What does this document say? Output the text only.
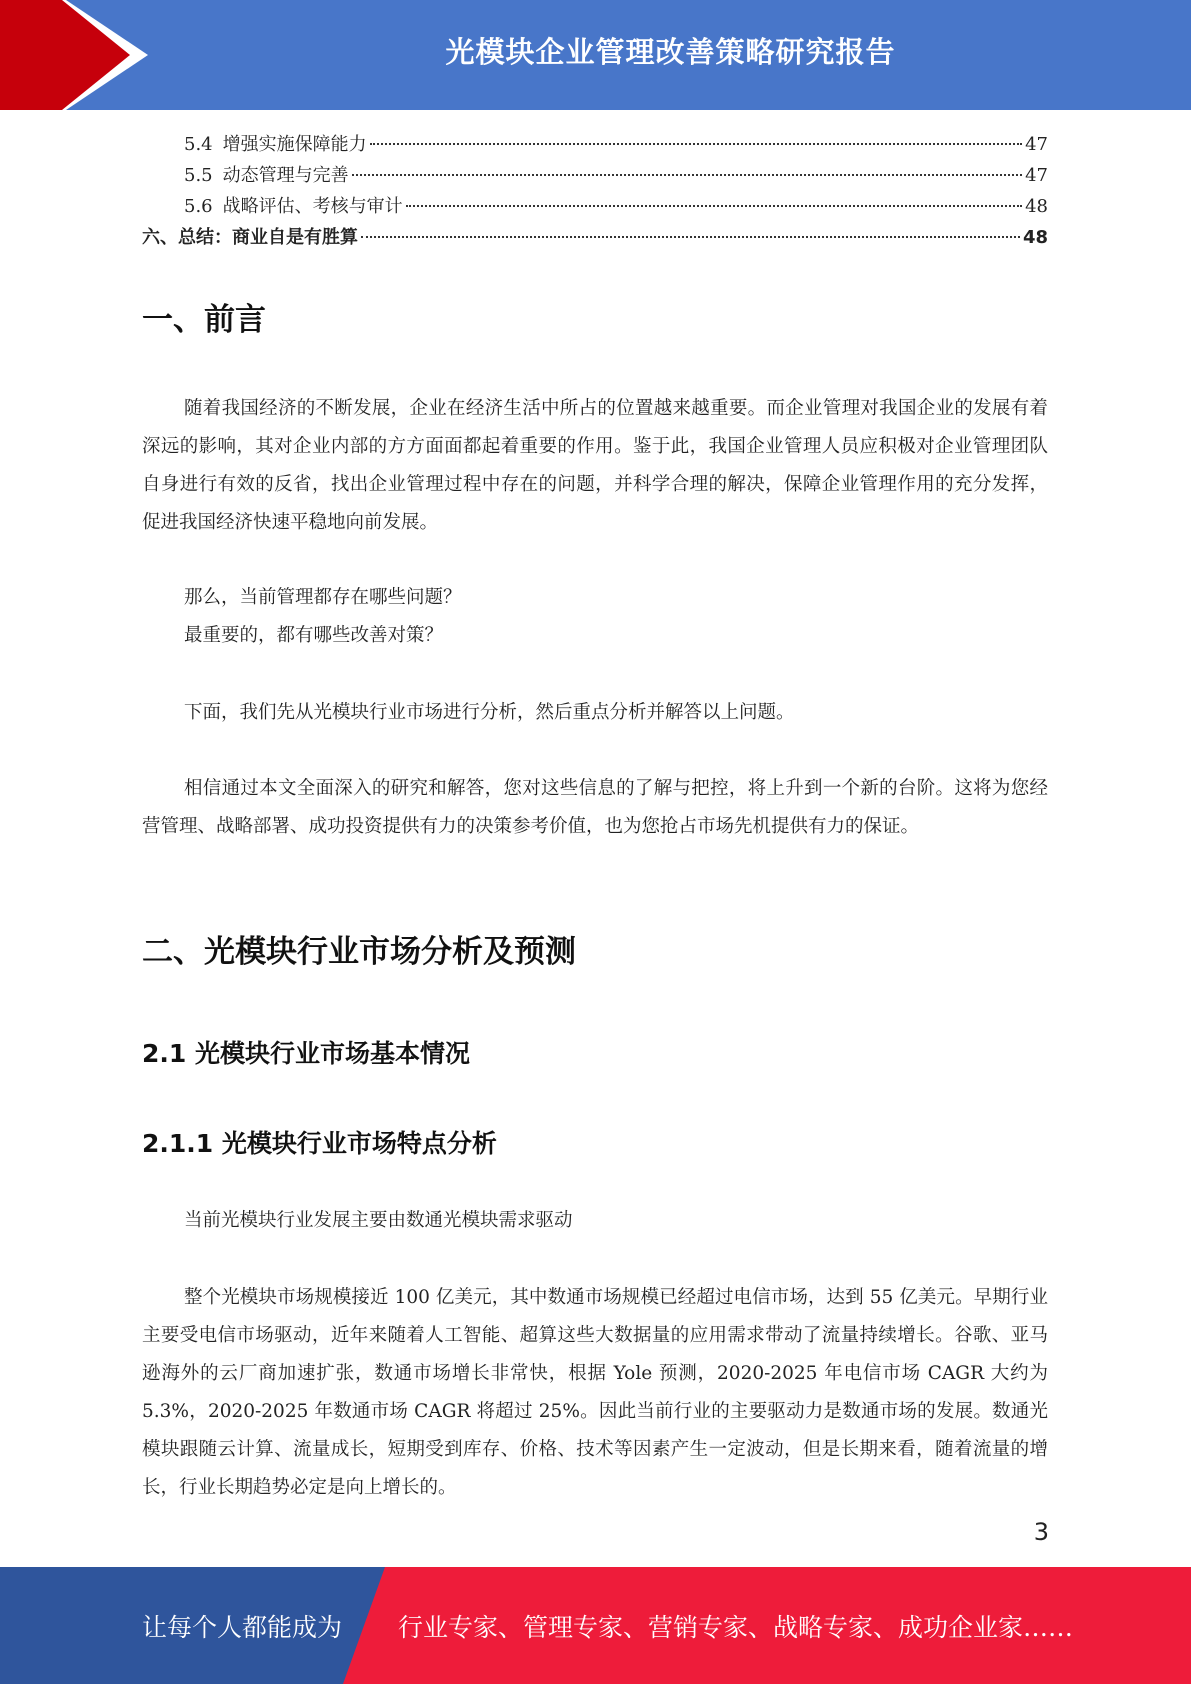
光模块企业管理改善策略研究报告
5.4 增强实施保障能力	47
5.5 动态管理与完善	47
5.6 战略评估、考核与审计	48
六、总结：商业自是有胜算	48
一、前言

随着我国经济的不断发展，企业在经济生活中所占的位置越来越重要。而企业管理对我国企业的发展有着深远的影响，其对企业内部的方方面面都起着重要的作用。鉴于此，我国企业管理人员应积极对企业管理团队自身进行有效的反省，找出企业管理过程中存在的问题，并科学合理的解决，保障企业管理作用的充分发挥，促进我国经济快速平稳地向前发展。

那么，当前管理都存在哪些问题？

最重要的，都有哪些改善对策？

下面，我们先从光模块行业市场进行分析，然后重点分析并解答以上问题。

相信通过本文全面深入的研究和解答，您对这些信息的了解与把控，将上升到一个新的台阶。这将为您经营管理、战略部署、成功投资提供有力的决策参考价值，也为您抢占市场先机提供有力的保证。

二、光模块行业市场分析及预测
2.1 光模块行业市场基本情况
2.1.1 光模块行业市场特点分析

当前光模块行业发展主要由数通光模块需求驱动

整个光模块市场规模接近 100 亿美元，其中数通市场规模已经超过电信市场，达到 55 亿美元。早期行业主要受电信市场驱动，近年来随着人工智能、超算这些大数据量的应用需求带动了流量持续增长。谷歌、亚马逊海外的云厂商加速扩张，数通市场增长非常快，根据 Yole 预测，2020-2025 年电信市场 CAGR 大约为 5.3%，2020-2025 年数通市场 CAGR 将超过 25%。因此当前行业的主要驱动力是数通市场的发展。数通光模块跟随云计算、流量成长，短期受到库存、价格、技术等因素产生一定波动，但是长期来看，随着流量的增长，行业长期趋势必定是向上增长的。

3
让每个人都能成为 行业专家、管理专家、营销专家、战略专家、成功企业家……
